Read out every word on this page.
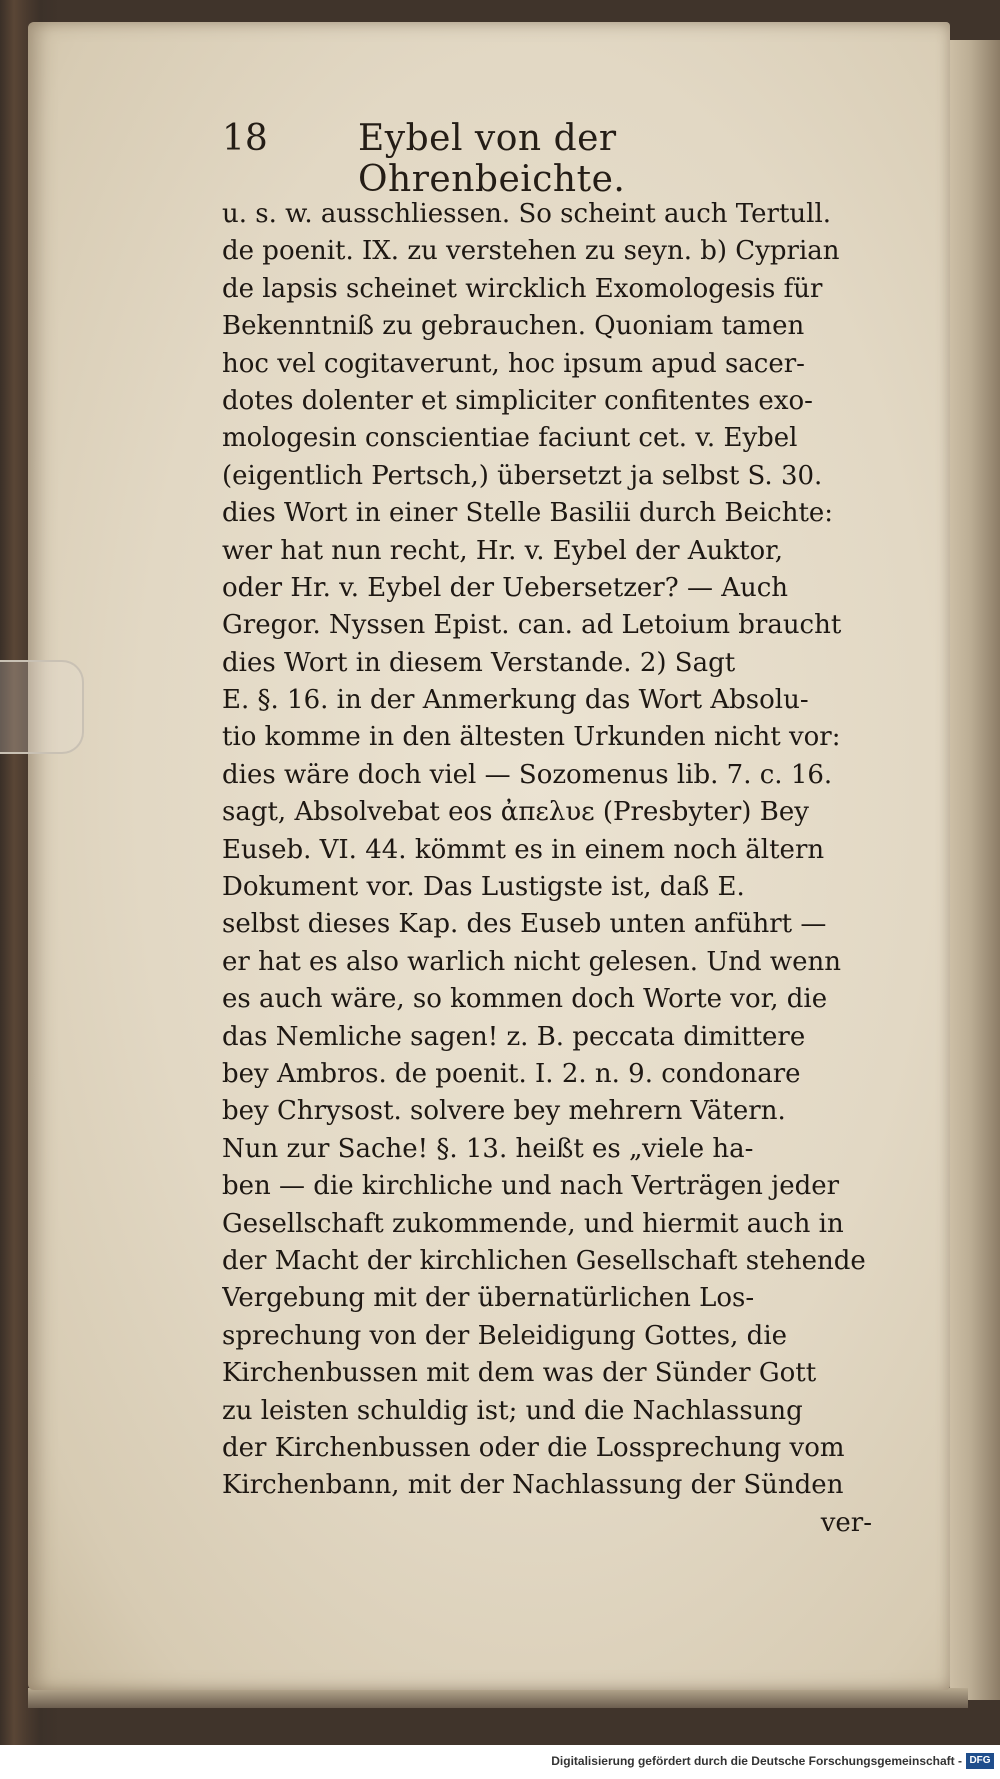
18	Eybel von der Ohrenbeichte.
u. s. w. ausschliessen. So scheint auch Tertull.
de poenit. IX. zu verstehen zu seyn. b) Cyprian
de lapsis scheinet wircklich Exomologesis für
Bekenntniß zu gebrauchen. Quoniam tamen
hoc vel cogitaverunt, hoc ipsum apud sacer-
dotes dolenter et simpliciter confitentes exo-
mologesin conscientiae faciunt cet. v. Eybel
(eigentlich Pertsch,) übersetzt ja selbst S. 30.
dies Wort in einer Stelle Basilii durch Beichte:
wer hat nun recht, Hr. v. Eybel der Auktor,
oder Hr. v. Eybel der Uebersetzer? — Auch
Gregor. Nyssen Epist. can. ad Letoium braucht
dies Wort in diesem Verstande. 2) Sagt
E. §. 16. in der Anmerkung das Wort Absolu-
tio komme in den ältesten Urkunden nicht vor:
dies wäre doch viel — Sozomenus lib. 7. c. 16.
sagt, Absolvebat eos ἀπελυε (Presbyter) Bey
Euseb. VI. 44. kömmt es in einem noch ältern
Dokument vor. Das Lustigste ist, daß E.
selbst dieses Kap. des Euseb unten anführt —
er hat es also warlich nicht gelesen. Und wenn
es auch wäre, so kommen doch Worte vor, die
das Nemliche sagen! z. B. peccata dimittere
bey Ambros. de poenit. I. 2. n. 9. condonare
bey Chrysost. solvere bey mehrern Vätern.
Nun zur Sache! §. 13. heißt es „viele ha-
ben — die kirchliche und nach Verträgen jeder
Gesellschaft zukommende, und hiermit auch in
der Macht der kirchlichen Gesellschaft stehende
Vergebung mit der übernatürlichen Los-
sprechung von der Beleidigung Gottes, die
Kirchenbussen mit dem was der Sünder Gott
zu leisten schuldig ist; und die Nachlassung
der Kirchenbussen oder die Lossprechung vom
Kirchenbann, mit der Nachlassung der Sünden
ver-
Digitalisierung gefördert durch die Deutsche Forschungsgemeinschaft - DFG
